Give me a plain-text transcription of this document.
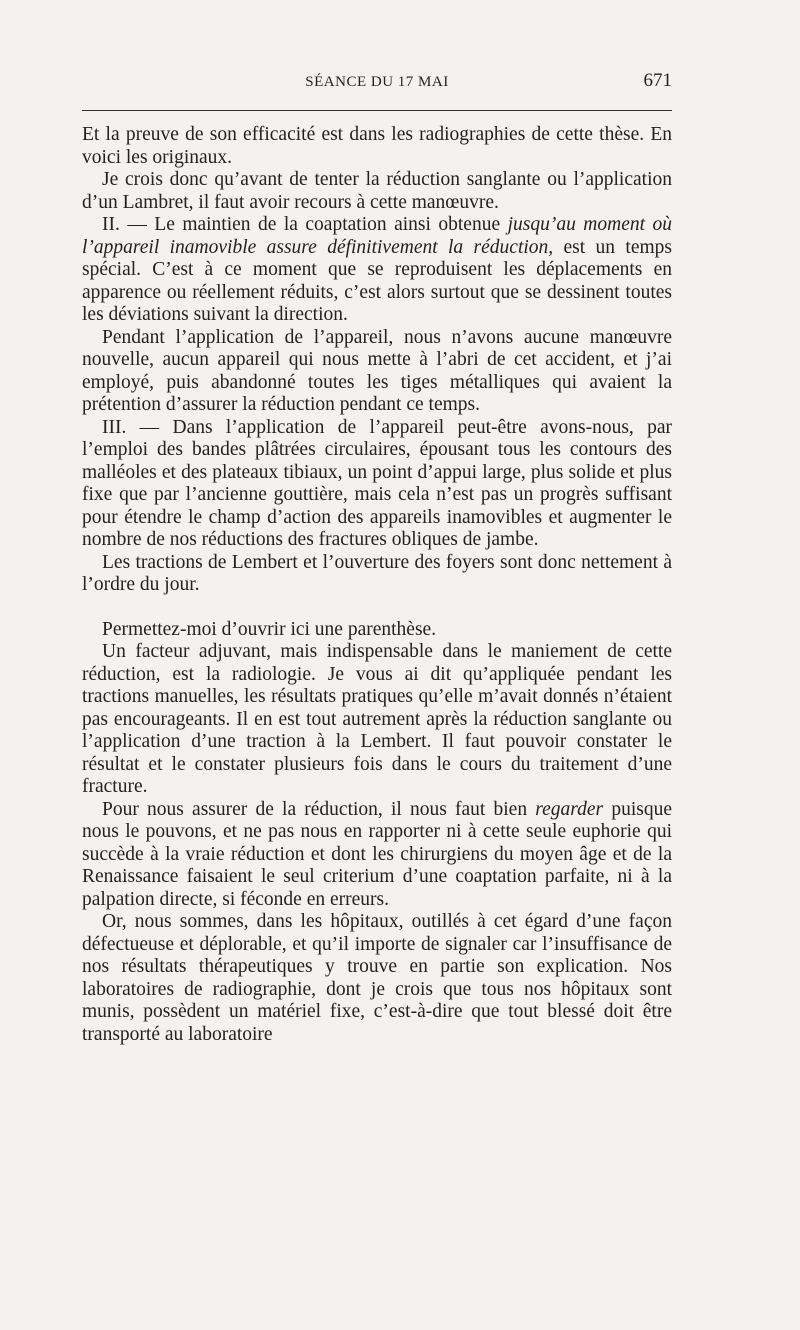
SÉANCE DU 17 MAI	671

Et la preuve de son efficacité est dans les radiographies de cette thèse. En voici les originaux.

Je crois donc qu’avant de tenter la réduction sanglante ou l’application d’un Lambret, il faut avoir recours à cette manœuvre.

II. — Le maintien de la coaptation ainsi obtenue jusqu’au moment où l’appareil inamovible assure définitivement la réduction, est un temps spécial. C’est à ce moment que se reproduisent les déplacements en apparence ou réellement réduits, c’est alors surtout que se dessinent toutes les déviations suivant la direction.

Pendant l’application de l’appareil, nous n’avons aucune manœuvre nouvelle, aucun appareil qui nous mette à l’abri de cet accident, et j’ai employé, puis abandonné toutes les tiges métalliques qui avaient la prétention d’assurer la réduction pendant ce temps.

III. — Dans l’application de l’appareil peut-être avons-nous, par l’emploi des bandes plâtrées circulaires, épousant tous les contours des malléoles et des plateaux tibiaux, un point d’appui large, plus solide et plus fixe que par l’ancienne gouttière, mais cela n’est pas un progrès suffisant pour étendre le champ d’action des appareils inamovibles et augmenter le nombre de nos réductions des fractures obliques de jambe.

Les tractions de Lembert et l’ouverture des foyers sont donc nettement à l’ordre du jour.

Permettez-moi d’ouvrir ici une parenthèse.

Un facteur adjuvant, mais indispensable dans le maniement de cette réduction, est la radiologie. Je vous ai dit qu’appliquée pendant les tractions manuelles, les résultats pratiques qu’elle m’avait donnés n’étaient pas encourageants. Il en est tout autrement après la réduction sanglante ou l’application d’une traction à la Lembert. Il faut pouvoir constater le résultat et le constater plusieurs fois dans le cours du traitement d’une fracture.

Pour nous assurer de la réduction, il nous faut bien regarder puisque nous le pouvons, et ne pas nous en rapporter ni à cette seule euphorie qui succède à la vraie réduction et dont les chirurgiens du moyen âge et de la Renaissance faisaient le seul criterium d’une coaptation parfaite, ni à la palpation directe, si féconde en erreurs.

Or, nous sommes, dans les hôpitaux, outillés à cet égard d’une façon défectueuse et déplorable, et qu’il importe de signaler car l’insuffisance de nos résultats thérapeutiques y trouve en partie son explication. Nos laboratoires de radiographie, dont je crois que tous nos hôpitaux sont munis, possèdent un matériel fixe, c’est-à-dire que tout blessé doit être transporté au laboratoire
